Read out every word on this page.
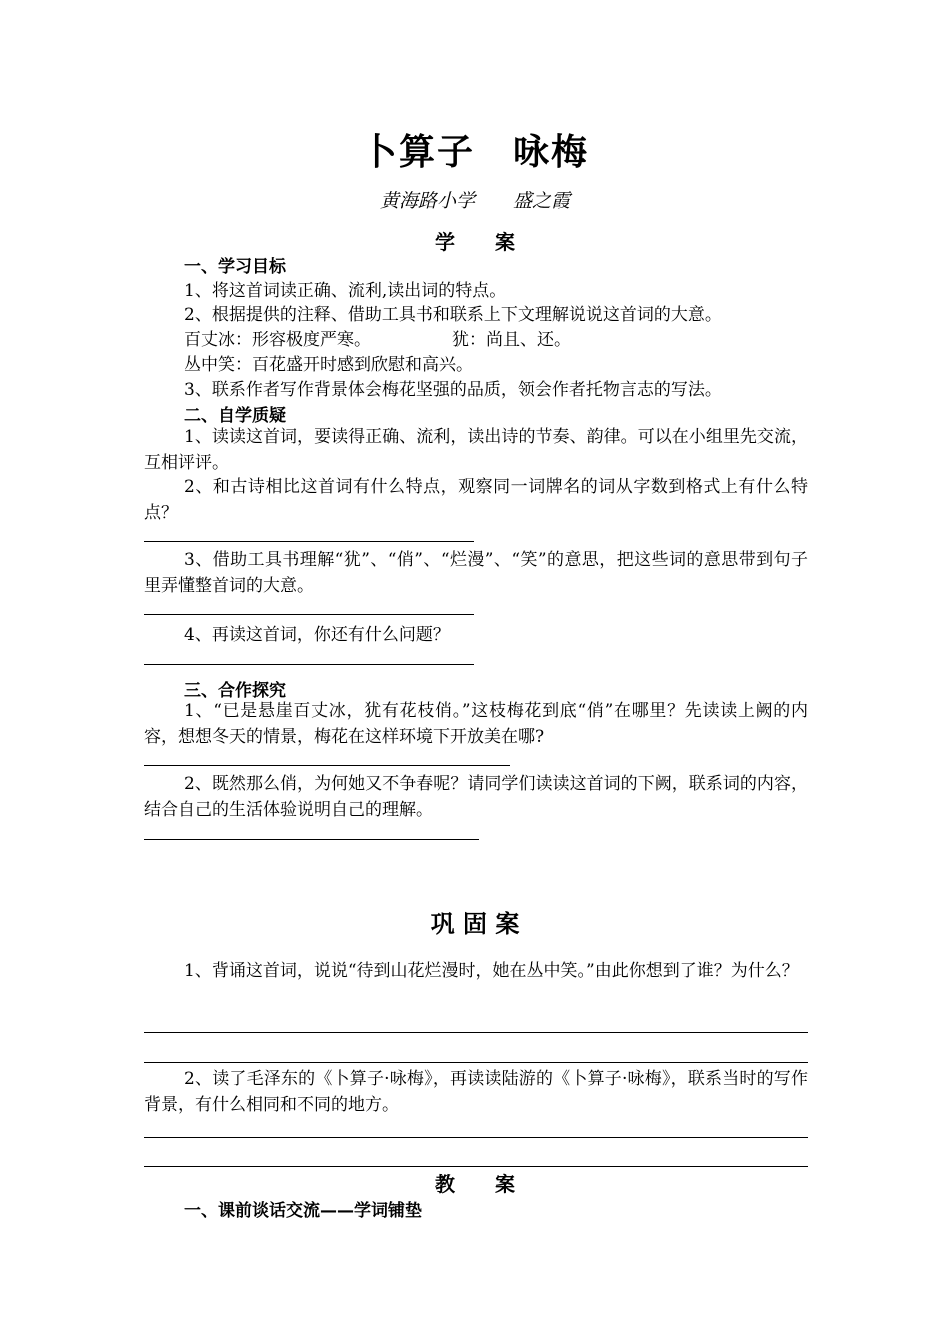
卜算子　咏梅
黄海路小学　　盛之霞
学　　案
一、学习目标
1、将这首词读正确、流利,读出词的特点。
2、根据提供的注释、借助工具书和联系上下文理解说说这首词的大意。
百丈冰：形容极度严寒。	犹：尚且、还。
丛中笑：百花盛开时感到欣慰和高兴。
3、联系作者写作背景体会梅花坚强的品质，领会作者托物言志的写法。
二、自学质疑
1、读读这首词，要读得正确、流利，读出诗的节奏、韵律。可以在小组里先交流，互相评评。
2、和古诗相比这首词有什么特点，观察同一词牌名的词从字数到格式上有什么特点？
3、借助工具书理解“犹”、“俏”、“烂漫”、“笑”的意思，把这些词的意思带到句子里弄懂整首词的大意。
4、再读这首词，你还有什么问题？
三、合作探究
1、“已是悬崖百丈冰，犹有花枝俏。”这枝梅花到底“俏”在哪里？先读读上阙的内容，想想冬天的情景，梅花在这样环境下开放美在哪?
2、既然那么俏，为何她又不争春呢？请同学们读读这首词的下阙，联系词的内容，结合自己的生活体验说明自己的理解。
巩 固 案
1、背诵这首词，说说“待到山花烂漫时，她在丛中笑。”由此你想到了谁？为什么？
2、读了毛泽东的《卜算子·咏梅》，再读读陆游的《卜算子·咏梅》，联系当时的写作背景，有什么相同和不同的地方。
教　　案
一、课前谈话交流——学词铺垫
